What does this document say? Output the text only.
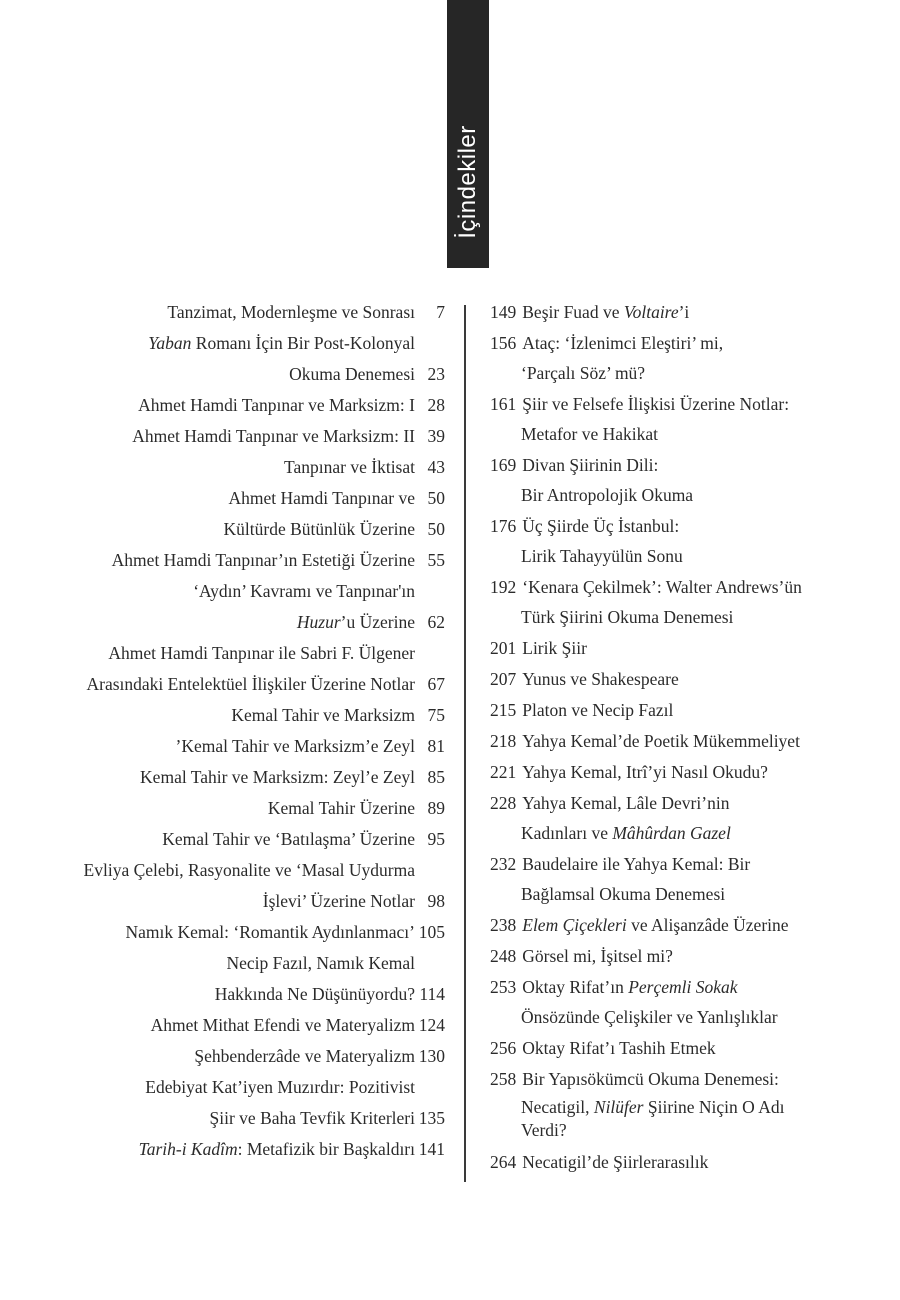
İçindekiler
Tanzimat, Modernleşme ve Sonrası 7
Yaban Romanı İçin Bir Post-Kolonyal
Okuma Denemesi 23
Ahmet Hamdi Tanpınar ve Marksizm: I 28
Ahmet Hamdi Tanpınar ve Marksizm: II 39
Tanpınar ve İktisat 43
Ahmet Hamdi Tanpınar ve 50
Kültürde Bütünlük Üzerine 50
Ahmet Hamdi Tanpınar’ın Estetiği Üzerine 55
‘Aydın’ Kavramı ve Tanpınar'ın
Huzur’u Üzerine 62
Ahmet Hamdi Tanpınar ile Sabri F. Ülgener
Arasındaki Entelektüel İlişkiler Üzerine Notlar 67
Kemal Tahir ve Marksizm 75
’Kemal Tahir ve Marksizm’e Zeyl 81
Kemal Tahir ve Marksizm: Zeyl’e Zeyl 85
Kemal Tahir Üzerine 89
Kemal Tahir ve ‘Batılaşma’ Üzerine 95
Evliya Çelebi, Rasyonalite ve ‘Masal Uydurma
İşlevi’ Üzerine Notlar 98
Namık Kemal: ‘Romantik Aydınlanmacı’ 105
Necip Fazıl, Namık Kemal
Hakkında Ne Düşünüyordu? 114
Ahmet Mithat Efendi ve Materyalizm 124
Şehbenderzâde ve Materyalizm 130
Edebiyat Kat’iyen Muzırdır: Pozitivist
Şiir ve Baha Tevfik Kriterleri 135
Tarih-i Kadîm: Metafizik bir Başkaldırı 141
149 Beşir Fuad ve Voltaire’i
156 Ataç: ‘İzlenimci Eleştiri’ mi,
‘Parçalı Söz’ mü?
161 Şiir ve Felsefe İlişkisi Üzerine Notlar:
Metafor ve Hakikat
169 Divan Şiirinin Dili:
Bir Antropolojik Okuma
176 Üç Şiirde Üç İstanbul:
Lirik Tahayyülün Sonu
192 ‘Kenara Çekilmek’: Walter Andrews’ün
Türk Şiirini Okuma Denemesi
201 Lirik Şiir
207 Yunus ve Shakespeare
215 Platon ve Necip Fazıl
218 Yahya Kemal’de Poetik Mükemmeliyet
221 Yahya Kemal, Itrî’yi Nasıl Okudu?
228 Yahya Kemal, Lâle Devri’nin
Kadınları ve Mâhûrdan Gazel
232 Baudelaire ile Yahya Kemal: Bir
Bağlamsal Okuma Denemesi
238 Elem Çiçekleri ve Alişanzâde Üzerine
248 Görsel mi, İşitsel mi?
253 Oktay Rifat’ın Perçemli Sokak
Önsözünde Çelişkiler ve Yanlışlıklar
256 Oktay Rifat’ı Tashih Etmek
258 Bir Yapısökümcü Okuma Denemesi:
Necatigil, Nilüfer Şiirine Niçin O Adı Verdi?
264 Necatigil’de Şiirlerarasılık
